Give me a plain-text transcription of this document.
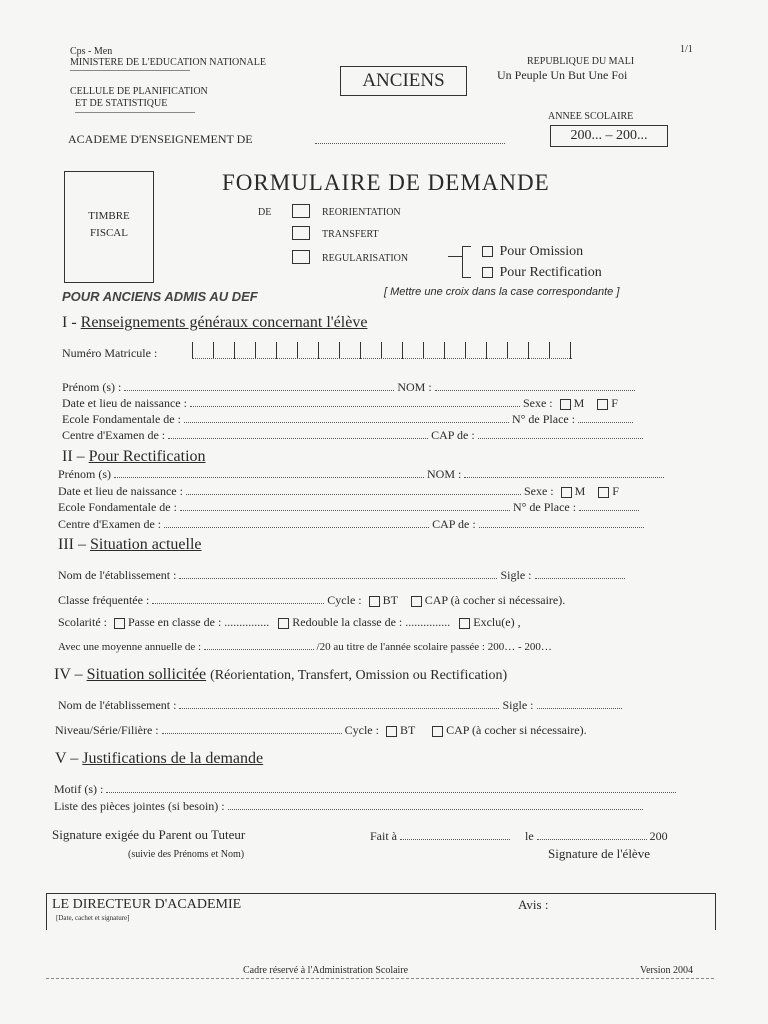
Cps - Men
MINISTERE DE L'EDUCATION NATIONALE
CELLULE DE PLANIFICATION
ET DE STATISTIQUE
ANCIENS
REPUBLIQUE DU MALI
Un Peuple Un But Une Foi
1/1
ANNEE SCOLAIRE
200... – 200...
ACADEME D'ENSEIGNEMENT DE
TIMBRE
FISCAL
FORMULAIRE DE DEMANDE
DE	REORIENTATION
TRANSFERT
REGULARISATION	Pour Omission
Pour Rectification
POUR ANCIENS ADMIS AU DEF	[ Mettre une croix dans la case correspondante ]
I - Renseignements généraux concernant l'élève
Numéro Matricule :
Prénom (s) :	NOM :
Date et lieu de naissance :	Sexe : M F
Ecole Fondamentale de :	N° de Place :
Centre d'Examen de :	CAP de :
II – Pour Rectification
Prénom (s)	NOM :
Date et lieu de naissance :	Sexe : M F
Ecole Fondamentale de :	N° de Place :
Centre d'Examen de :	CAP de :
III – Situation actuelle
Nom de l'établissement :	Sigle :
Classe fréquentée :	Cycle : BT CAP (à cocher si nécessaire).
Scolarité : Passe en classe de : ............... Redouble la classe de : ............... Exclu(e) ,
Avec une moyenne annuelle de :	/20 au titre de l'année scolaire passée : 200… - 200…
IV – Situation sollicitée (Réorientation, Transfert, Omission ou Rectification)
Nom de l'établissement :	Sigle :
Niveau/Série/Filière :	Cycle : BT	CAP (à cocher si nécessaire).
V – Justifications de la demande
Motif (s) :
Liste des pièces jointes (si besoin) :
Signature exigée du Parent ou Tuteur	Fait à	le	200
(suivie des Prénoms et Nom)	Signature de l'élève
LE DIRECTEUR D'ACADEMIE
[Date, cachet et signature]
Avis :
Cadre réservé à l'Administration Scolaire	Version 2004
